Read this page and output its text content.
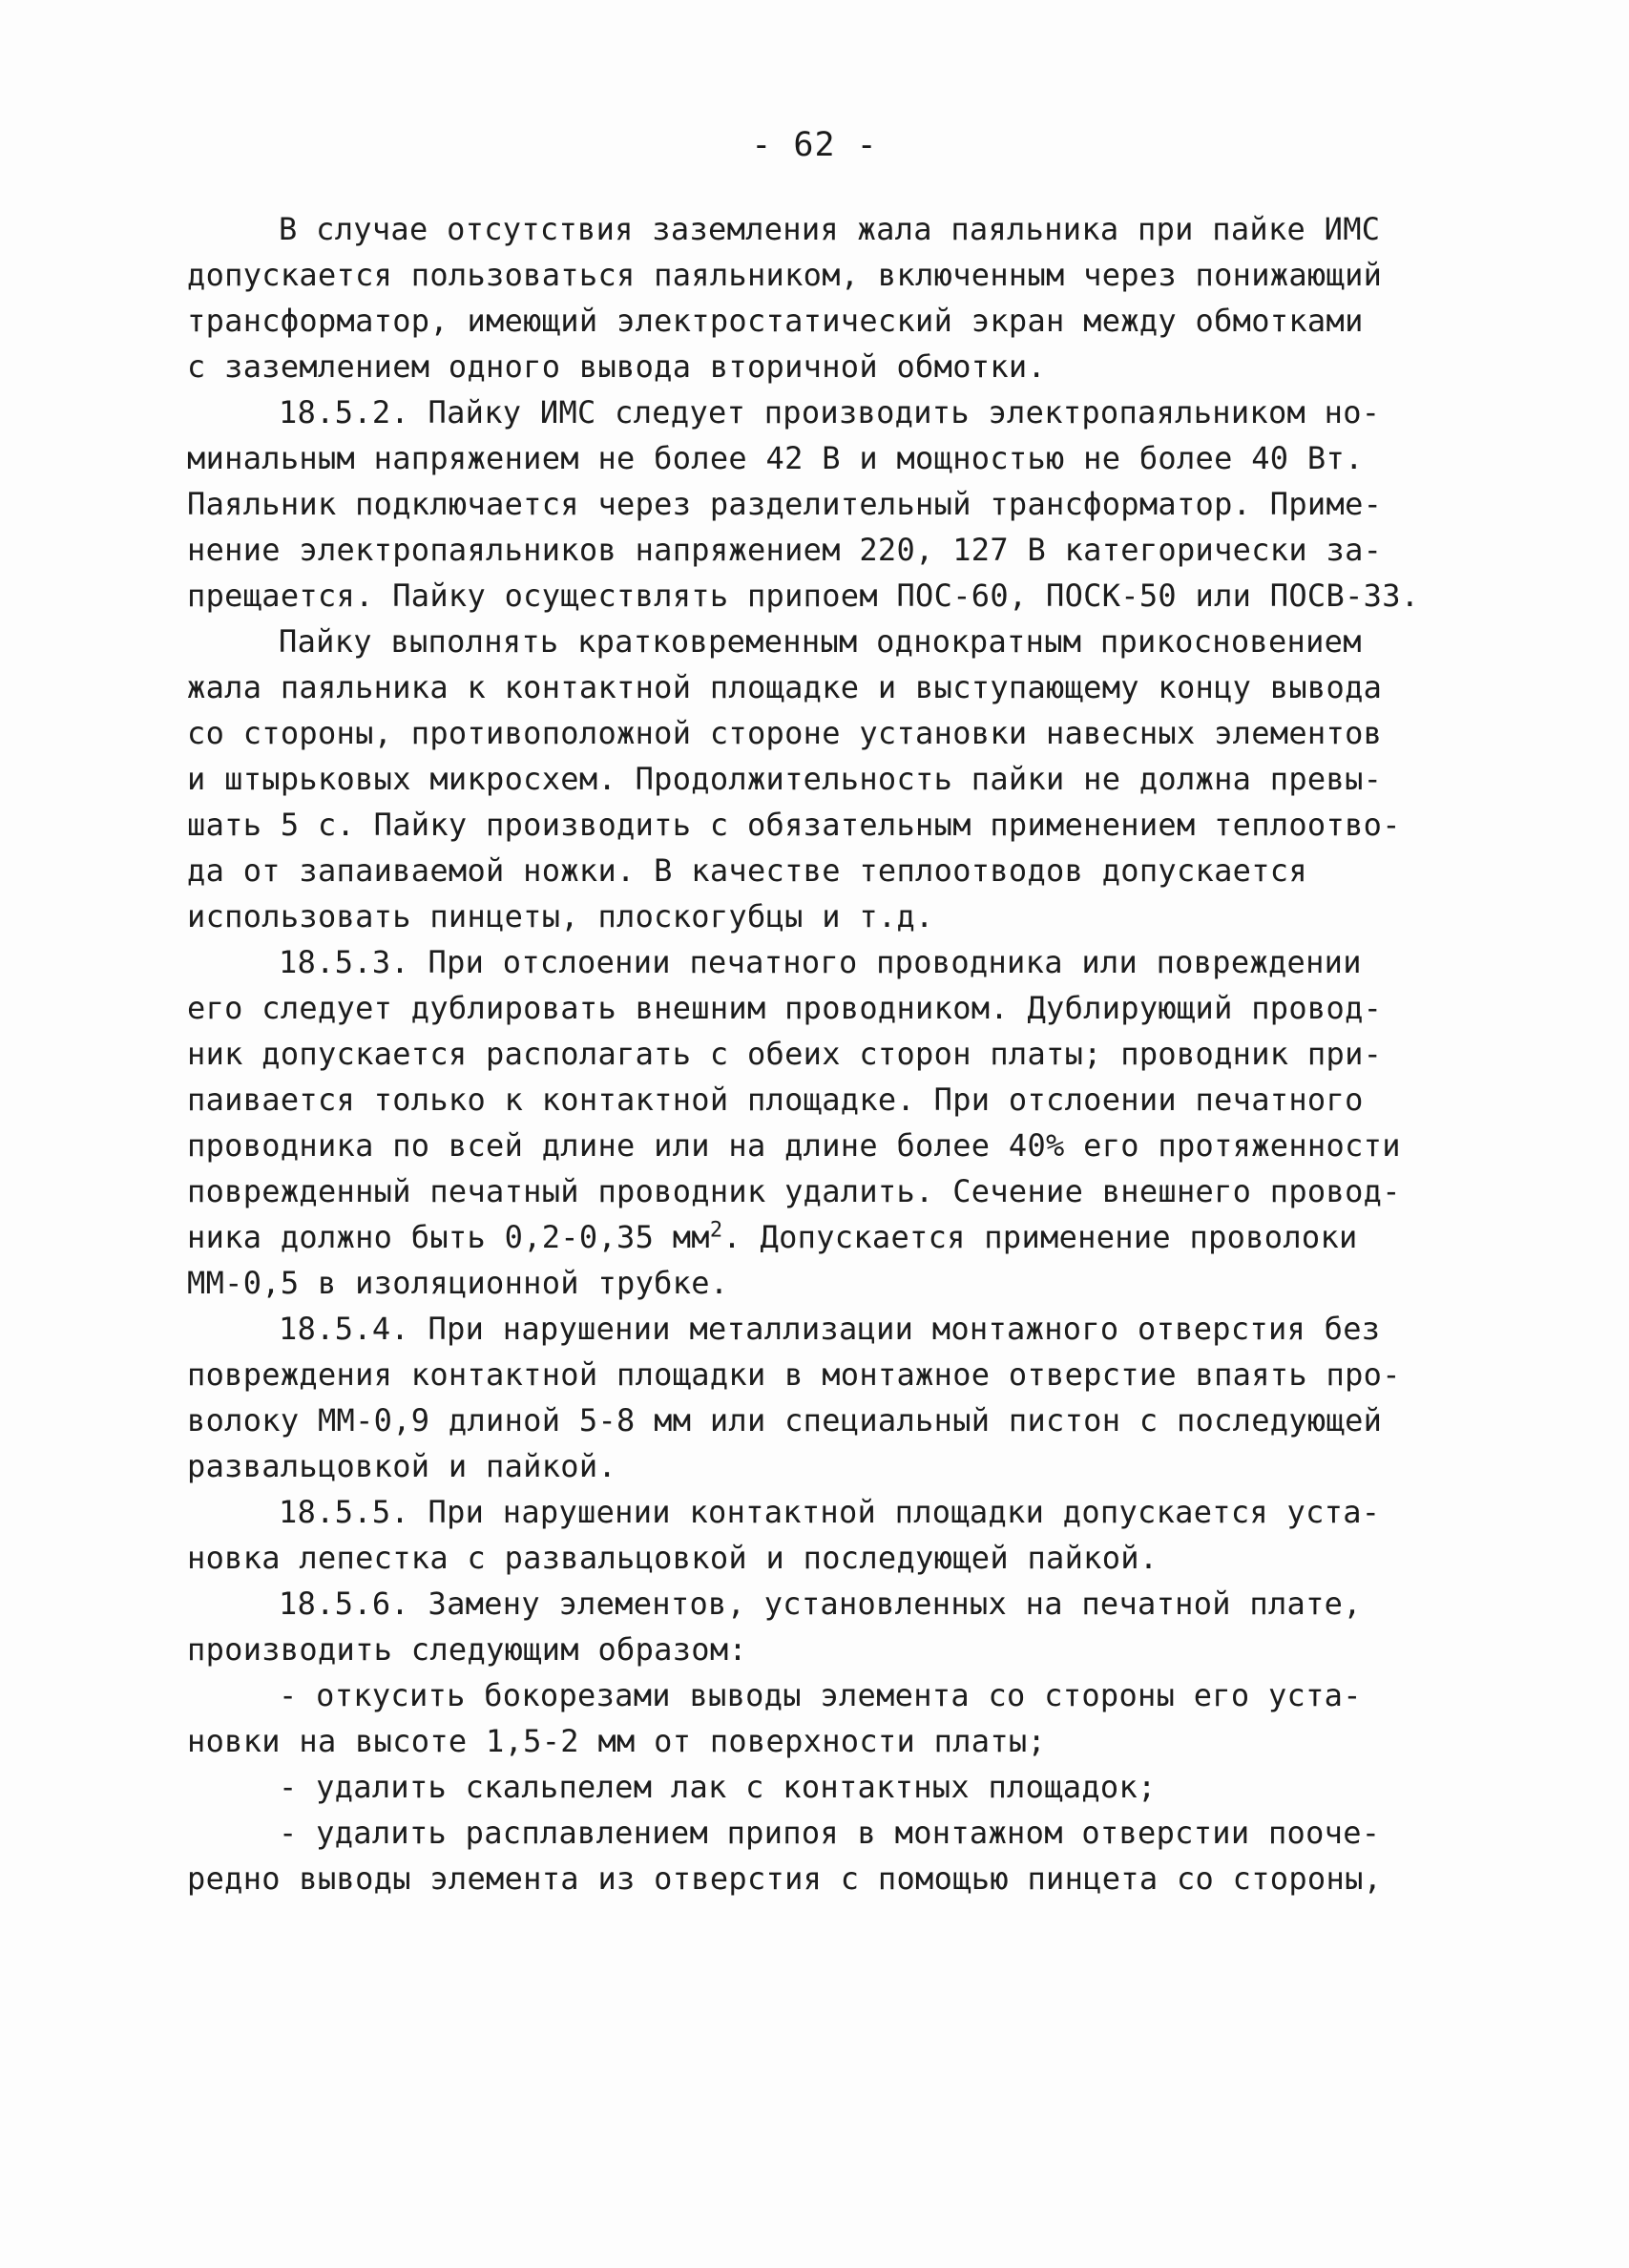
- 62 -
В случае отсутствия заземления жала паяльника при пайке ИМС
допускается пользоваться паяльником, включенным через понижающий
трансформатор, имеющий электростатический экран между обмотками
с заземлением одного вывода вторичной обмотки.
18.5.2. Пайку ИМС следует производить электропаяльником но-
минальным напряжением не более 42 В и мощностью не более 40 Вт.
Паяльник подключается через разделительный трансформатор. Приме-
нение электропаяльников напряжением 220, 127 В категорически за-
прещается. Пайку осуществлять припоем ПОС-60, ПОСК-50 или ПОСВ-33.
Пайку выполнять кратковременным однократным прикосновением
жала паяльника к контактной площадке и выступающему концу вывода
со стороны, противоположной стороне установки навесных элементов
и штырьковых микросхем. Продолжительность пайки не должна превы-
шать 5 с. Пайку производить с обязательным применением теплоотво-
да от запаиваемой ножки. В качестве теплоотводов допускается
использовать пинцеты, плоскогубцы и т.д.
18.5.3. При отслоении печатного проводника или повреждении
его следует дублировать внешним проводником. Дублирующий провод-
ник допускается располагать с обеих сторон платы; проводник при-
паивается только к контактной площадке. При отслоении печатного
проводника по всей длине или на длине более 40% его протяженности
поврежденный печатный проводник удалить. Сечение внешнего провод-
ника должно быть 0,2-0,35 $мм^2$. Допускается применение проволоки
ММ-0,5 в изоляционной трубке.
18.5.4. При нарушении металлизации монтажного отверстия без
повреждения контактной площадки в монтажное отверстие впаять про-
волоку ММ-0,9 длиной 5-8 мм или специальный пистон с последующей
развальцовкой и пайкой.
18.5.5. При нарушении контактной площадки допускается уста-
новка лепестка с развальцовкой и последующей пайкой.
18.5.6. Замену элементов, установленных на печатной плате,
производить следующим образом:
- откусить бокорезами выводы элемента со стороны его уста-
новки на высоте 1,5-2 мм от поверхности платы;
- удалить скальпелем лак с контактных площадок;
- удалить расплавлением припоя в монтажном отверстии пооче-
редно выводы элемента из отверстия с помощью пинцета со стороны,
